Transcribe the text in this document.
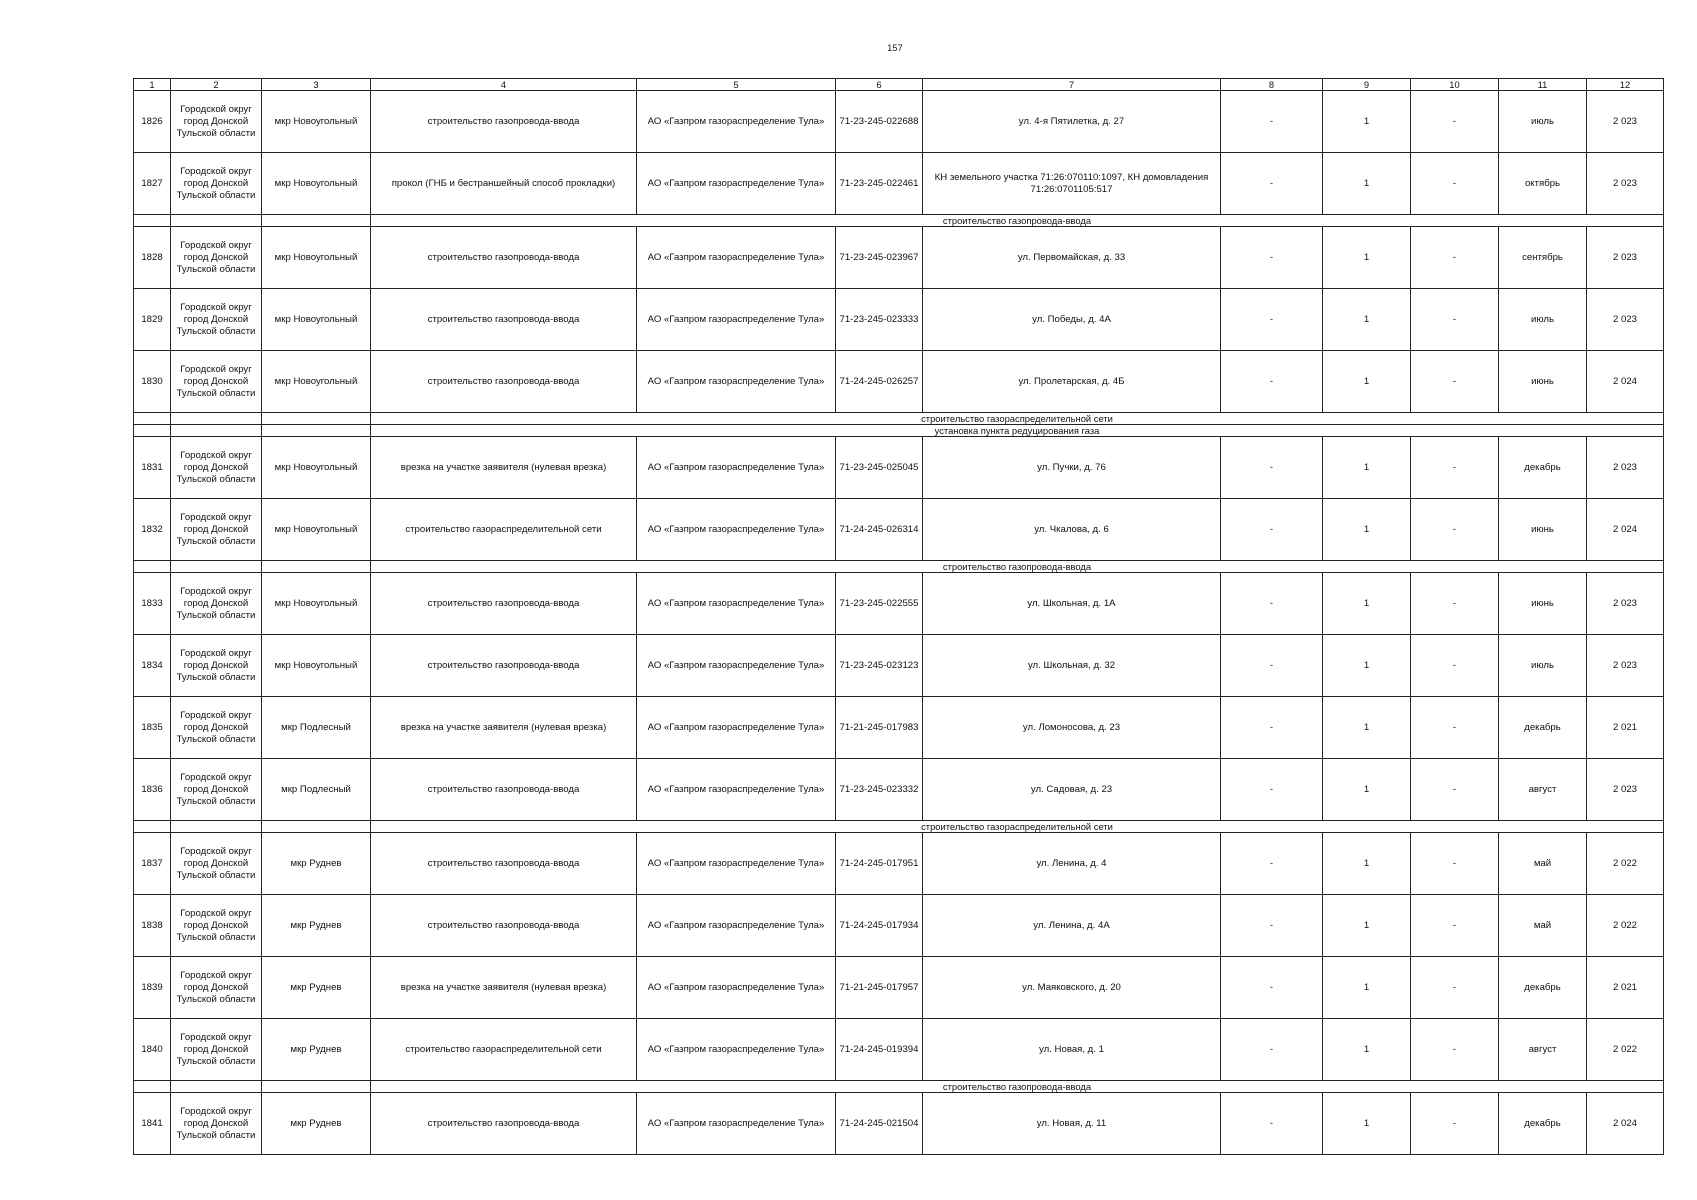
157
1	2	3	4	5	6	7	8	9	10	11	12
1826	Городской округ город Донской Тульской области	мкр Новоугольный	строительство газопровода-ввода	АО «Газпром газораспределение Тула»	71-23-245-022688	ул. 4-я Пятилетка, д. 27	-	1	-	июль	2 023
1827	Городской округ город Донской Тульской области	мкр Новоугольный	прокол (ГНБ и бестраншейный способ прокладки)	АО «Газпром газораспределение Тула»	71-23-245-022461	КН земельного участка 71:26:070110:1097, КН домовладения 71:26:0701105:517	-	1	-	октябрь	2 023
			строительство газопровода-ввода								
1828	Городской округ город Донской Тульской области	мкр Новоугольный	строительство газопровода-ввода	АО «Газпром газораспределение Тула»	71-23-245-023967	ул. Первомайская, д. 33	-	1	-	сентябрь	2 023
1829	Городской округ город Донской Тульской области	мкр Новоугольный	строительство газопровода-ввода	АО «Газпром газораспределение Тула»	71-23-245-023333	ул. Победы, д. 4А	-	1	-	июль	2 023
1830	Городской округ город Донской Тульской области	мкр Новоугольный	строительство газопровода-ввода	АО «Газпром газораспределение Тула»	71-24-245-026257	ул. Пролетарская, д. 4Б	-	1	-	июнь	2 024
			строительство газораспределительной сети								
			установка пункта редуцирования газа								
1831	Городской округ город Донской Тульской области	мкр Новоугольный	врезка на участке заявителя (нулевая врезка)	АО «Газпром газораспределение Тула»	71-23-245-025045	ул. Пучки, д. 76	-	1	-	декабрь	2 023
1832	Городской округ город Донской Тульской области	мкр Новоугольный	строительство газораспределительной сети	АО «Газпром газораспределение Тула»	71-24-245-026314	ул. Чкалова, д. 6	-	1	-	июнь	2 024
			строительство газопровода-ввода								
1833	Городской округ город Донской Тульской области	мкр Новоугольный	строительство газопровода-ввода	АО «Газпром газораспределение Тула»	71-23-245-022555	ул. Школьная, д. 1А	-	1	-	июнь	2 023
1834	Городской округ город Донской Тульской области	мкр Новоугольный	строительство газопровода-ввода	АО «Газпром газораспределение Тула»	71-23-245-023123	ул. Школьная, д. 32	-	1	-	июль	2 023
1835	Городской округ город Донской Тульской области	мкр Подлесный	врезка на участке заявителя (нулевая врезка)	АО «Газпром газораспределение Тула»	71-21-245-017983	ул. Ломоносова, д. 23	-	1	-	декабрь	2 021
1836	Городской округ город Донской Тульской области	мкр Подлесный	строительство газопровода-ввода	АО «Газпром газораспределение Тула»	71-23-245-023332	ул. Садовая, д. 23	-	1	-	август	2 023
			строительство газораспределительной сети								
1837	Городской округ город Донской Тульской области	мкр Руднев	строительство газопровода-ввода	АО «Газпром газораспределение Тула»	71-24-245-017951	ул. Ленина, д. 4	-	1	-	май	2 022
1838	Городской округ город Донской Тульской области	мкр Руднев	строительство газопровода-ввода	АО «Газпром газораспределение Тула»	71-24-245-017934	ул. Ленина, д. 4А	-	1	-	май	2 022
1839	Городской округ город Донской Тульской области	мкр Руднев	врезка на участке заявителя (нулевая врезка)	АО «Газпром газораспределение Тула»	71-21-245-017957	ул. Маяковского, д. 20	-	1	-	декабрь	2 021
1840	Городской округ город Донской Тульской области	мкр Руднев	строительство газораспределительной сети	АО «Газпром газораспределение Тула»	71-24-245-019394	ул. Новая, д. 1	-	1	-	август	2 022
			строительство газопровода-ввода								
1841	Городской округ город Донской Тульской области	мкр Руднев	строительство газопровода-ввода	АО «Газпром газораспределение Тула»	71-24-245-021504	ул. Новая, д. 11	-	1	-	декабрь	2 024
